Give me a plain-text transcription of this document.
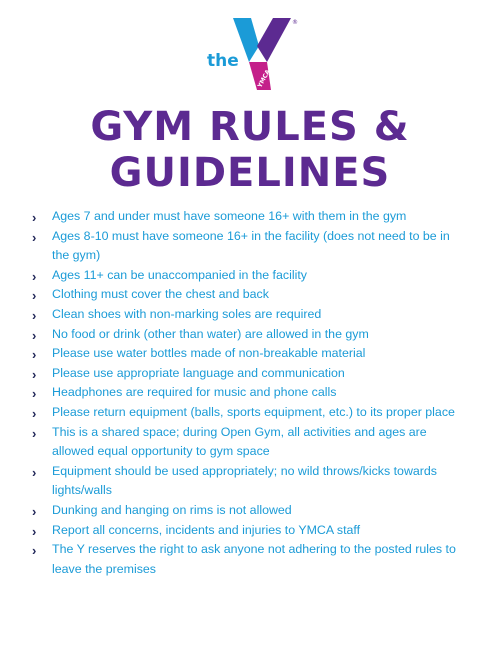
the
YMCA
®
GYM RULES &
GUIDELINES
› Ages 7 and under must have someone 16+ with them in the gym
› Ages 8-10 must have someone 16+ in the facility (does not need to be in the gym)
› Ages 11+ can be unaccompanied in the facility
› Clothing must cover the chest and back
› Clean shoes with non-marking soles are required
› No food or drink (other than water) are allowed in the gym
› Please use water bottles made of non-breakable material
› Please use appropriate language and communication
› Headphones are required for music and phone calls
› Please return equipment (balls, sports equipment, etc.) to its proper place
› This is a shared space; during Open Gym, all activities and ages are allowed equal opportunity to gym space
› Equipment should be used appropriately; no wild throws/kicks towards lights/walls
› Dunking and hanging on rims is not allowed
› Report all concerns, incidents and injuries to YMCA staff
› The Y reserves the right to ask anyone not adhering to the posted rules to leave the premises
